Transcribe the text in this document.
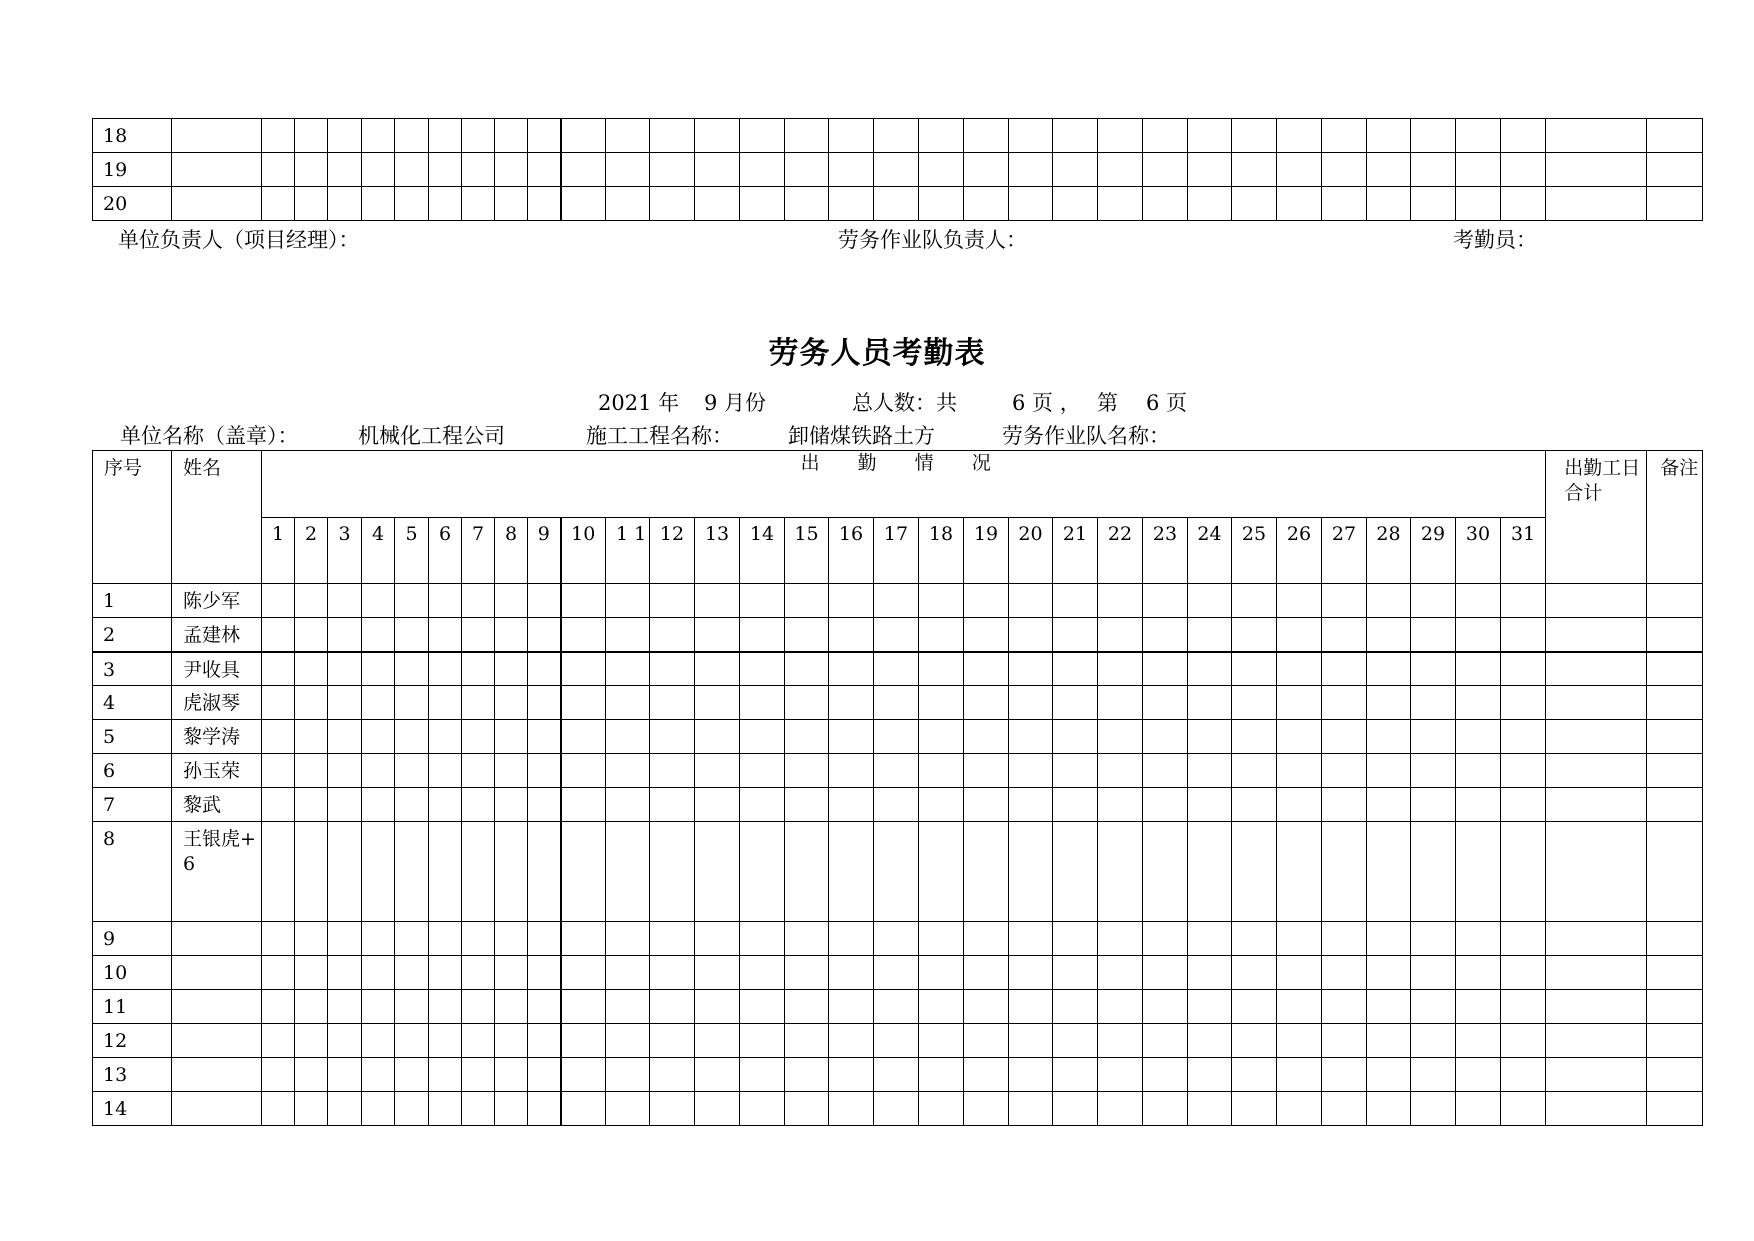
18																																		
19																																		
20																																		
单位负责人（项目经理）：	劳务作业队负责人：	考勤员：
劳务人员考勤表
2021 年 9 月份	总人数：共	6 页 ， 第 6 页
单位名称（盖章）：	机械化工程公司	施工工程名称：	卸储煤铁路土方	劳务作业队名称：
序号	姓名	出 勤 情 况																															出勤工日合计	备注
		1	2	3	4	5	6	7	8	9	10	1 1	12	13	14	15	16	17	18	19	20	21	22	23	24	25	26	27	28	29	30	31		
1	陈少军																																	
2	孟建林																																	
3	尹收具																																	
4	虎淑琴																																	
5	黎学涛																																	
6	孙玉荣																																	
7	黎武																																	
8	王银虎+6																																	
9																																		
10																																		
11																																		
12																																		
13																																		
14																																		
